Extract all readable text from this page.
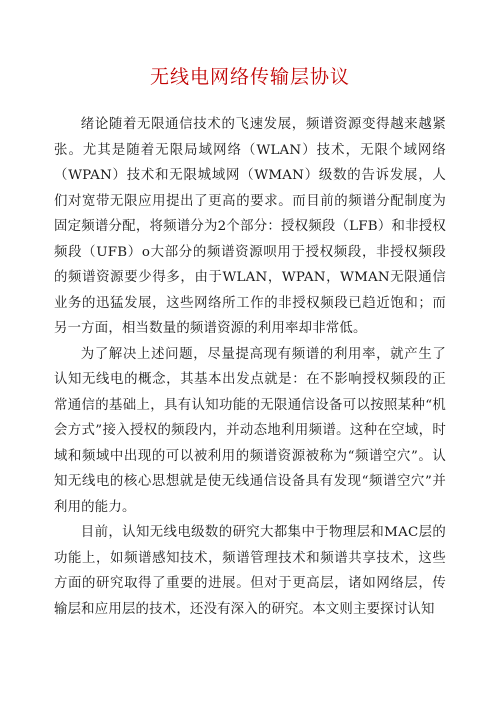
无线电网络传输层协议

绪论随着无限通信技术的飞速发展，频谱资源变得越来越紧张。尤其是随着无限局域网络（WLAN）技术，无限个域网络（WPAN）技术和无限城域网（WMAN）级数的告诉发展，人们对宽带无限应用提出了更高的要求。而目前的频谱分配制度为固定频谱分配，将频谱分为2个部分：授权频段（LFB）和非授权频段（UFB）ο大部分的频谱资源呗用于授权频段，非授权频段的频谱资源要少得多，由于WLAN，WPAN，WMAN无限通信业务的迅猛发展，这些网络所工作的非授权频段已趋近饱和；而另一方面，相当数量的频谱资源的利用率却非常低。

为了解决上述问题，尽量提高现有频谱的利用率，就产生了认知无线电的概念，其基本出发点就是：在不影响授权频段的正常通信的基础上，具有认知功能的无限通信设备可以按照某种“机会方式”接入授权的频段内，并动态地利用频谱。这种在空域，时域和频域中出现的可以被利用的频谱资源被称为“频谱空穴”。认知无线电的核心思想就是使无线通信设备具有发现“频谱空穴”并利用的能力。

目前，认知无线电级数的研究大都集中于物理层和MAC层的功能上，如频谱感知技术，频谱管理技术和频谱共享技术，这些方面的研究取得了重要的进展。但对于更高层，诸如网络层，传输层和应用层的技术，还没有深入的研究。本文则主要探讨认知
